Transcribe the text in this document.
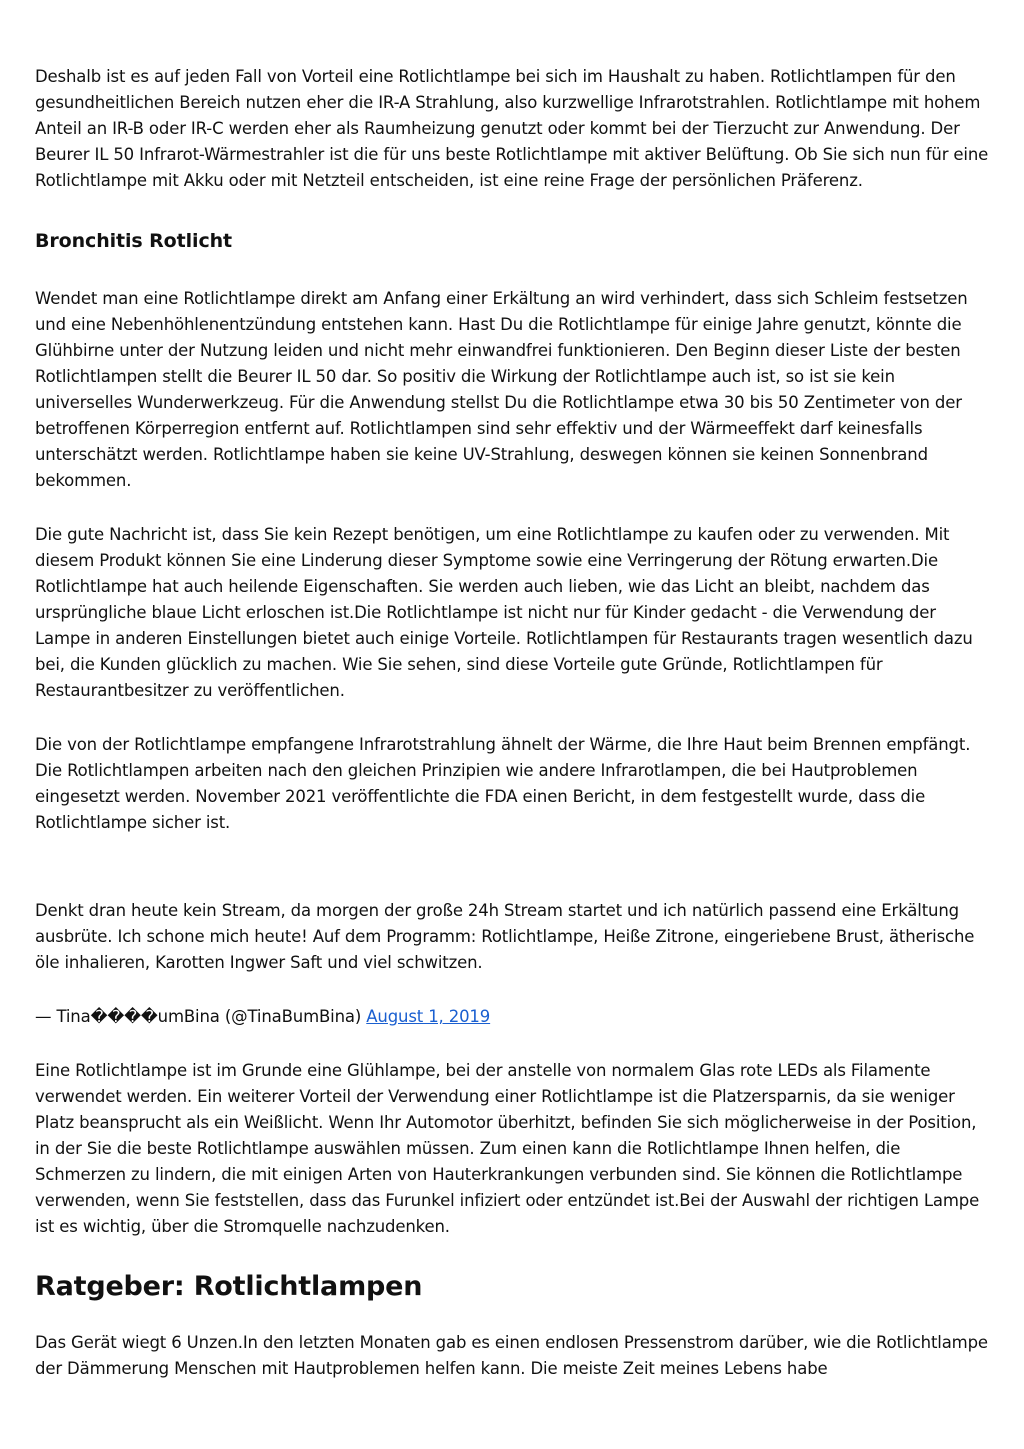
Deshalb ist es auf jeden Fall von Vorteil eine Rotlichtlampe bei sich im Haushalt zu haben. Rotlichtlampen für den gesundheitlichen Bereich nutzen eher die IR-A Strahlung, also kurzwellige Infrarotstrahlen. Rotlichtlampe mit hohem Anteil an IR-B oder IR-C werden eher als Raumheizung genutzt oder kommt bei der Tierzucht zur Anwendung. Der Beurer IL 50 Infrarot-Wärmestrahler ist die für uns beste Rotlichtlampe mit aktiver Belüftung. Ob Sie sich nun für eine Rotlichtlampe mit Akku oder mit Netzteil entscheiden, ist eine reine Frage der persönlichen Präferenz.

Bronchitis Rotlicht

Wendet man eine Rotlichtlampe direkt am Anfang einer Erkältung an wird verhindert, dass sich Schleim festsetzen und eine Nebenhöhlenentzündung entstehen kann. Hast Du die Rotlichtlampe für einige Jahre genutzt, könnte die Glühbirne unter der Nutzung leiden und nicht mehr einwandfrei funktionieren. Den Beginn dieser Liste der besten Rotlichtlampen stellt die Beurer IL 50 dar. So positiv die Wirkung der Rotlichtlampe auch ist, so ist sie kein universelles Wunderwerkzeug. Für die Anwendung stellst Du die Rotlichtlampe etwa 30 bis 50 Zentimeter von der betroffenen Körperregion entfernt auf. Rotlichtlampen sind sehr effektiv und der Wärmeeffekt darf keinesfalls unterschätzt werden. Rotlichtlampe haben sie keine UV-Strahlung, deswegen können sie keinen Sonnenbrand bekommen.

Die gute Nachricht ist, dass Sie kein Rezept benötigen, um eine Rotlichtlampe zu kaufen oder zu verwenden. Mit diesem Produkt können Sie eine Linderung dieser Symptome sowie eine Verringerung der Rötung erwarten.Die Rotlichtlampe hat auch heilende Eigenschaften. Sie werden auch lieben, wie das Licht an bleibt, nachdem das ursprüngliche blaue Licht erloschen ist.Die Rotlichtlampe ist nicht nur für Kinder gedacht - die Verwendung der Lampe in anderen Einstellungen bietet auch einige Vorteile. Rotlichtlampen für Restaurants tragen wesentlich dazu bei, die Kunden glücklich zu machen. Wie Sie sehen, sind diese Vorteile gute Gründe, Rotlichtlampen für Restaurantbesitzer zu veröffentlichen.

Die von der Rotlichtlampe empfangene Infrarotstrahlung ähnelt der Wärme, die Ihre Haut beim Brennen empfängt. Die Rotlichtlampen arbeiten nach den gleichen Prinzipien wie andere Infrarotlampen, die bei Hautproblemen eingesetzt werden. November 2021 veröffentlichte die FDA einen Bericht, in dem festgestellt wurde, dass die Rotlichtlampe sicher ist.

Denkt dran heute kein Stream, da morgen der große 24h Stream startet und ich natürlich passend eine Erkältung ausbrüte. Ich schone mich heute! Auf dem Programm: Rotlichtlampe, Heiße Zitrone, eingeriebene Brust, ätherische öle inhalieren, Karotten Ingwer Saft und viel schwitzen.

— Tina����umBina (@TinaBumBina) August 1, 2019

Eine Rotlichtlampe ist im Grunde eine Glühlampe, bei der anstelle von normalem Glas rote LEDs als Filamente verwendet werden. Ein weiterer Vorteil der Verwendung einer Rotlichtlampe ist die Platzersparnis, da sie weniger Platz beansprucht als ein Weißlicht. Wenn Ihr Automotor überhitzt, befinden Sie sich möglicherweise in der Position, in der Sie die beste Rotlichtlampe auswählen müssen. Zum einen kann die Rotlichtlampe Ihnen helfen, die Schmerzen zu lindern, die mit einigen Arten von Hauterkrankungen verbunden sind. Sie können die Rotlichtlampe verwenden, wenn Sie feststellen, dass das Furunkel infiziert oder entzündet ist.Bei der Auswahl der richtigen Lampe ist es wichtig, über die Stromquelle nachzudenken.

Ratgeber: Rotlichtlampen

Das Gerät wiegt 6 Unzen.In den letzten Monaten gab es einen endlosen Pressenstrom darüber, wie die Rotlichtlampe der Dämmerung Menschen mit Hautproblemen helfen kann. Die meiste Zeit meines Lebens habe
